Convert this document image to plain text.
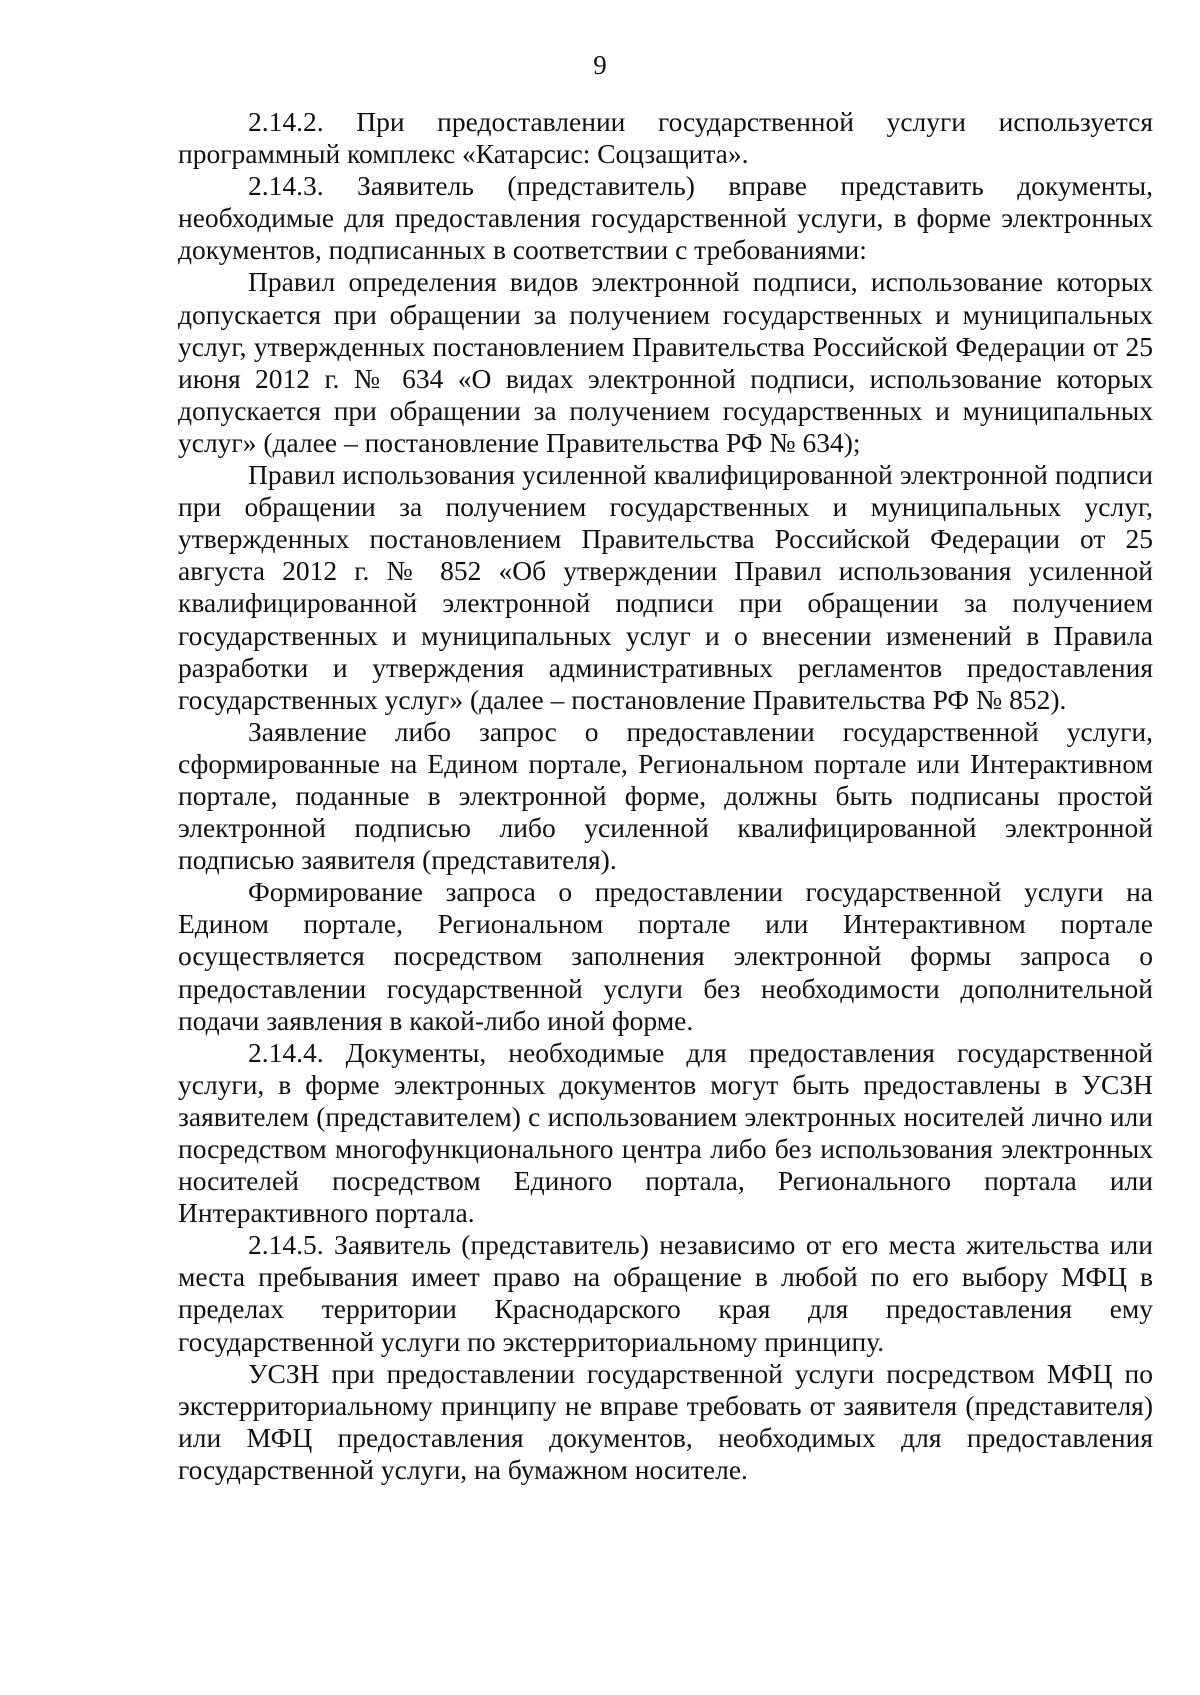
9

2.14.2. При предоставлении государственной услуги используется программный комплекс «Катарсис: Соцзащита».

2.14.3. Заявитель (представитель) вправе представить документы, необходимые для предоставления государственной услуги, в форме электронных документов, подписанных в соответствии с требованиями:

Правил определения видов электронной подписи, использование которых допускается при обращении за получением государственных и муниципальных услуг, утвержденных постановлением Правительства Российской Федерации от 25 июня 2012 г. № 634 «О видах электронной подписи, использование которых допускается при обращении за получением государственных и муниципальных услуг» (далее – постановление Правительства РФ № 634);

Правил использования усиленной квалифицированной электронной подписи при обращении за получением государственных и муниципальных услуг, утвержденных постановлением Правительства Российской Федерации от 25 августа 2012 г. № 852 «Об утверждении Правил использования усиленной квалифицированной электронной подписи при обращении за получением государственных и муниципальных услуг и о внесении изменений в Правила разработки и утверждения административных регламентов предоставления государственных услуг» (далее – постановление Правительства РФ № 852).

Заявление либо запрос о предоставлении государственной услуги, сформированные на Едином портале, Региональном портале или Интерактивном портале, поданные в электронной форме, должны быть подписаны простой электронной подписью либо усиленной квалифицированной электронной подписью заявителя (представителя).

Формирование запроса о предоставлении государственной услуги на Едином портале, Региональном портале или Интерактивном портале осуществляется посредством заполнения электронной формы запроса о предоставлении государственной услуги без необходимости дополнительной подачи заявления в какой-либо иной форме.

2.14.4. Документы, необходимые для предоставления государственной услуги, в форме электронных документов могут быть предоставлены в УСЗН заявителем (представителем) с использованием электронных носителей лично или посредством многофункционального центра либо без использования электронных носителей посредством Единого портала, Регионального портала или Интерактивного портала.

2.14.5. Заявитель (представитель) независимо от его места жительства или места пребывания имеет право на обращение в любой по его выбору МФЦ в пределах территории Краснодарского края для предоставления ему государственной услуги по экстерриториальному принципу.

УСЗН при предоставлении государственной услуги посредством МФЦ по экстерриториальному принципу не вправе требовать от заявителя (представителя) или МФЦ предоставления документов, необходимых для предоставления государственной услуги, на бумажном носителе.
